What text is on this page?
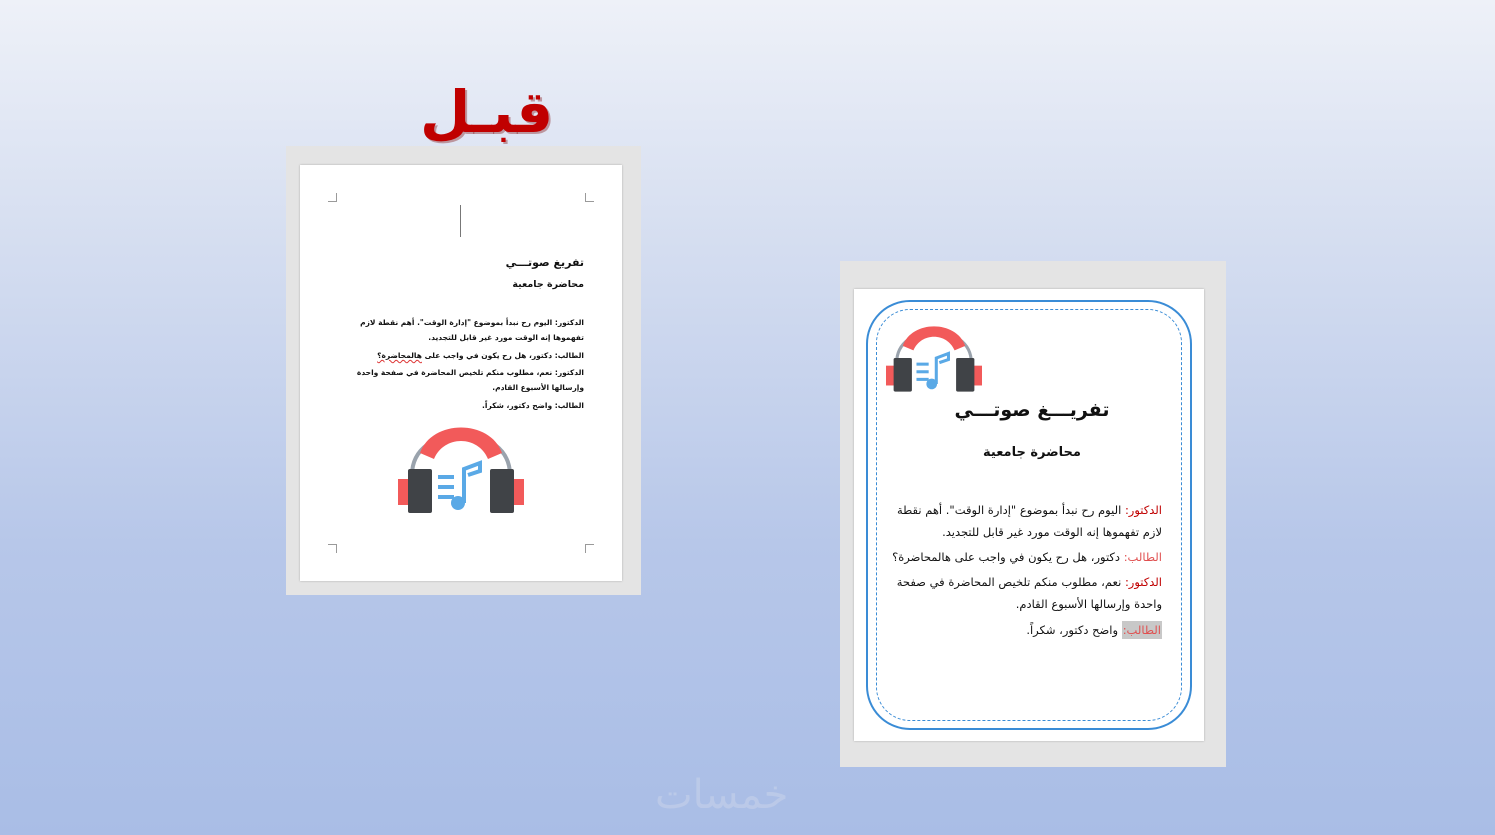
قبـل
تفريغ صوتـــي
محاضرة جامعية
الدكتور: اليوم رح نبدأ بموضوع "إدارة الوقت". أهم نقطة لازم تفهموها إنه الوقت مورد غير قابل للتجديد.
الطالب: دكتور، هل رح يكون في واجب على هالمحاضرة؟
الدكتور: نعم، مطلوب منكم تلخيص المحاضرة في صفحة واحدة وإرسالها الأسبوع القادم.
الطالب: واضح دكتور، شكراً.	تفريـــغ صوتـــي
محاضرة جامعية
الدكتور: اليوم رح نبدأ بموضوع "إدارة الوقت". أهم نقطة لازم تفهموها إنه الوقت مورد غير قابل للتجديد.
الطالب: دكتور، هل رح يكون في واجب على هالمحاضرة؟
الدكتور: نعم، مطلوب منكم تلخيص المحاضرة في صفحة واحدة وإرسالها الأسبوع القادم.
الطالب: واضح دكتور، شكراً.
خمسات
